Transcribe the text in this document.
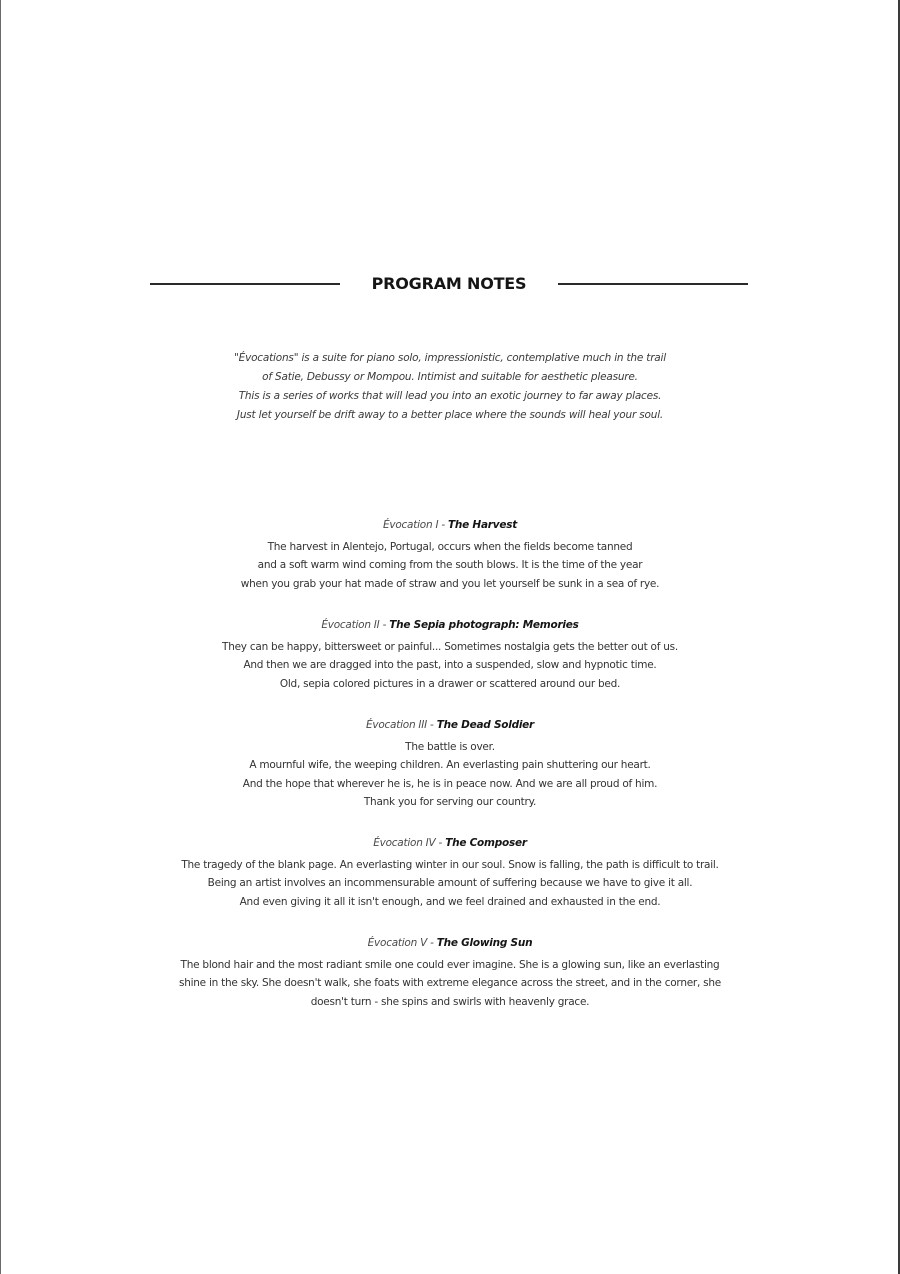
PROGRAM NOTES
"Évocations" is a suite for piano solo, impressionistic, contemplative much in the trail
of Satie, Debussy or Mompou. Intimist and suitable for aesthetic pleasure.
This is a series of works that will lead you into an exotic journey to far away places.
Just let yourself be drift away to a better place where the sounds will heal your soul.
Évocation I - The Harvest
The harvest in Alentejo, Portugal, occurs when the fields become tanned
and a soft warm wind coming from the south blows. It is the time of the year
when you grab your hat made of straw and you let yourself be sunk in a sea of rye.
Évocation II - The Sepia photograph: Memories
They can be happy, bittersweet or painful... Sometimes nostalgia gets the better out of us.
And then we are dragged into the past, into a suspended, slow and hypnotic time.
Old, sepia colored pictures in a drawer or scattered around our bed.
Évocation III - The Dead Soldier
The battle is over.
A mournful wife, the weeping children. An everlasting pain shuttering our heart.
And the hope that wherever he is, he is in peace now. And we are all proud of him.
Thank you for serving our country.
Évocation IV - The Composer
The tragedy of the blank page. An everlasting winter in our soul. Snow is falling, the path is difficult to trail.
Being an artist involves an incommensurable amount of suffering because we have to give it all.
And even giving it all it isn't enough, and we feel drained and exhausted in the end.
Évocation V - The Glowing Sun
The blond hair and the most radiant smile one could ever imagine. She is a glowing sun, like an everlasting
shine in the sky. She doesn't walk, she foats with extreme elegance across the street, and in the corner, she
doesn't turn - she spins and swirls with heavenly grace.
